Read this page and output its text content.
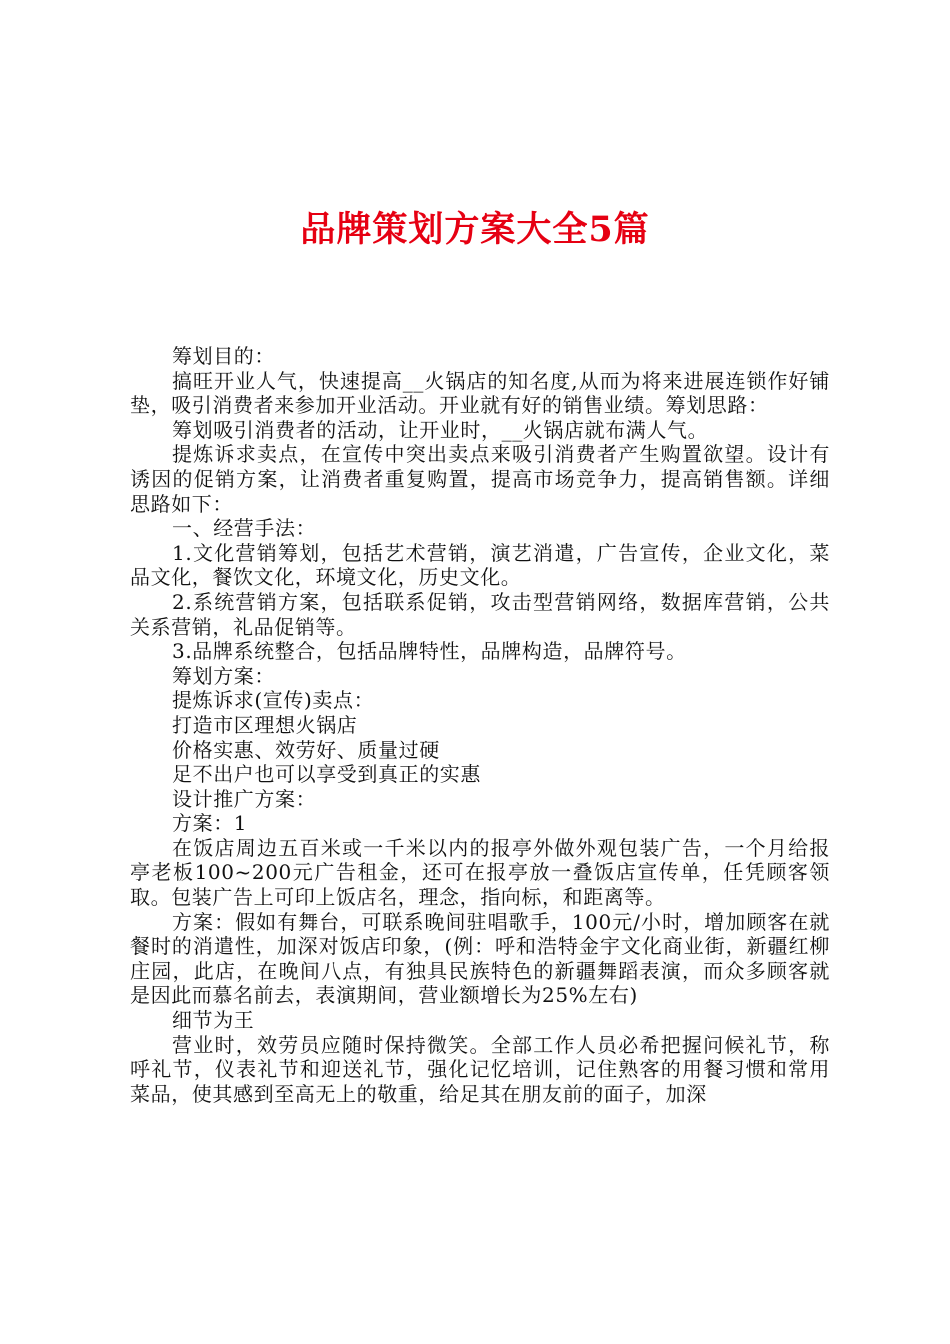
品牌策划方案大全5篇

筹划目的：

搞旺开业人气，快速提高__火锅店的知名度,从而为将来进展连锁作好铺垫，吸引消费者来参加开业活动。开业就有好的销售业绩。筹划思路：

筹划吸引消费者的活动，让开业时，__火锅店就布满人气。

提炼诉求卖点，在宣传中突出卖点来吸引消费者产生购置欲望。设计有诱因的促销方案，让消费者重复购置，提高市场竞争力，提高销售额。详细思路如下：

一、经营手法：

1.文化营销筹划，包括艺术营销，演艺消遣，广告宣传，企业文化，菜品文化，餐饮文化，环境文化，历史文化。

2.系统营销方案，包括联系促销，攻击型营销网络，数据库营销，公共关系营销，礼品促销等。

3.品牌系统整合，包括品牌特性，品牌构造，品牌符号。

筹划方案：

提炼诉求(宣传)卖点：

打造市区理想火锅店

价格实惠、效劳好、质量过硬

足不出户也可以享受到真正的实惠

设计推广方案：

方案：1

在饭店周边五百米或一千米以内的报亭外做外观包装广告，一个月给报亭老板100~200元广告租金，还可在报亭放一叠饭店宣传单，任凭顾客领取。包装广告上可印上饭店名，理念，指向标，和距离等。

方案：假如有舞台，可联系晚间驻唱歌手，100元/小时，增加顾客在就餐时的消遣性，加深对饭店印象，(例：呼和浩特金宇文化商业街，新疆红柳庄园，此店，在晚间八点，有独具民族特色的新疆舞蹈表演，而众多顾客就是因此而慕名前去，表演期间，营业额增长为25%左右)

细节为王

营业时，效劳员应随时保持微笑。全部工作人员必希把握问候礼节，称呼礼节，仪表礼节和迎送礼节，强化记忆培训，记住熟客的用餐习惯和常用菜品，使其感到至高无上的敬重，给足其在朋友前的面子，加深
